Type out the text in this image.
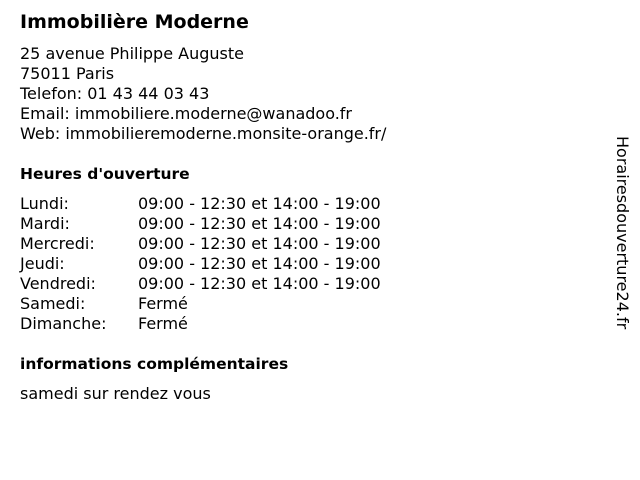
Immobilière Moderne
25 avenue Philippe Auguste
75011 Paris
Telefon: 01 43 44 03 43
Email: immobiliere.moderne@wanadoo.fr
Web: immobilieremoderne.monsite-orange.fr/
Heures d'ouverture
Lundi:	09:00 - 12:30 et 14:00 - 19:00
Mardi:	09:00 - 12:30 et 14:00 - 19:00
Mercredi:	09:00 - 12:30 et 14:00 - 19:00
Jeudi:	09:00 - 12:30 et 14:00 - 19:00
Vendredi:	09:00 - 12:30 et 14:00 - 19:00
Samedi:	Fermé
Dimanche:	Fermé
informations complémentaires
samedi sur rendez vous
Horairesdouverture24.fr
